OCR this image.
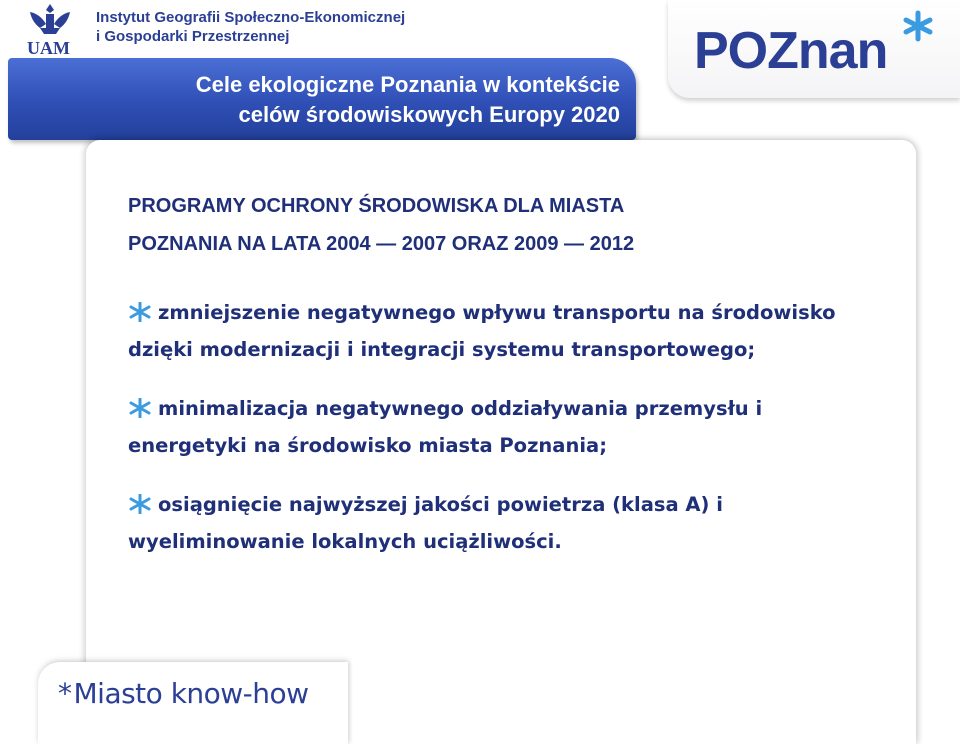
UAM
Instytut Geografii Społeczno-Ekonomicznej
i Gospodarki Przestrzennej
Cele ekologiczne Poznania w kontekście
celów środowiskowych Europy 2020
POZnan
PROGRAMY OCHRONY ŚRODOWISKA DLA MIASTA
POZNANIA NA LATA 2004 — 2007 ORAZ 2009 — 2012
zmniejszenie negatywnego wpływu transportu na środowisko dzięki modernizacji i integracji systemu transportowego;
minimalizacja negatywnego oddziaływania przemysłu i energetyki na środowisko miasta Poznania;
osiągnięcie najwyższej jakości powietrza (klasa A) i wyeliminowanie lokalnych uciążliwości.
*Miasto know-how
